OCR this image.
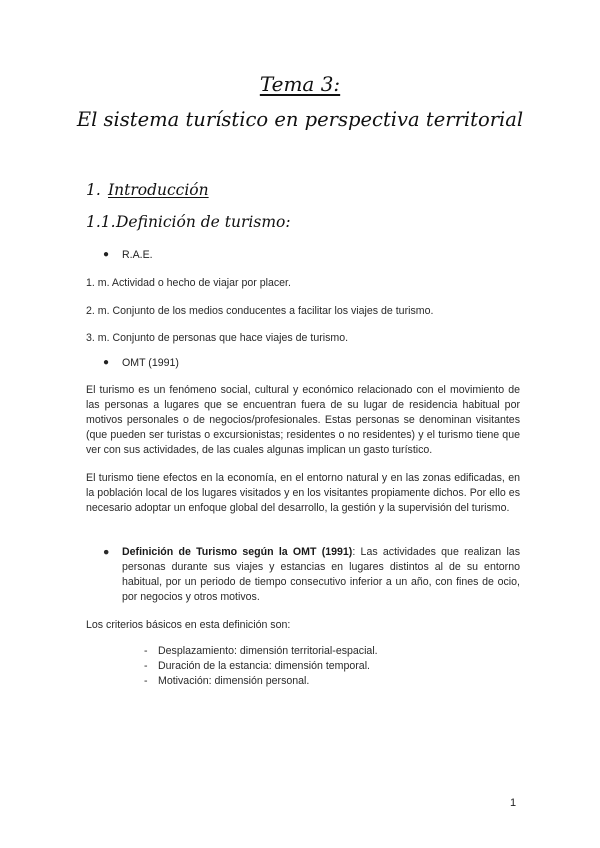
Tema 3:
El sistema turístico en perspectiva territorial
1. Introducción
1.1.Definición de turismo:
● R.A.E.
1. m. Actividad o hecho de viajar por placer.
2. m. Conjunto de los medios conducentes a facilitar los viajes de turismo.
3. m. Conjunto de personas que hace viajes de turismo.
● OMT (1991)
El turismo es un fenómeno social, cultural y económico relacionado con el movimiento de las personas a lugares que se encuentran fuera de su lugar de residencia habitual por motivos personales o de negocios/profesionales. Estas personas se denominan visitantes (que pueden ser turistas o excursionistas; residentes o no residentes) y el turismo tiene que ver con sus actividades, de las cuales algunas implican un gasto turístico.
El turismo tiene efectos en la economía, en el entorno natural y en las zonas edificadas, en la población local de los lugares visitados y en los visitantes propiamente dichos. Por ello es necesario adoptar un enfoque global del desarrollo, la gestión y la supervisión del turismo.
● Definición de Turismo según la OMT (1991): Las actividades que realizan las personas durante sus viajes y estancias en lugares distintos al de su entorno habitual, por un periodo de tiempo consecutivo inferior a un año, con fines de ocio, por negocios y otros motivos.
Los criterios básicos en esta definición son:
- Desplazamiento: dimensión territorial-espacial.
- Duración de la estancia: dimensión temporal.
- Motivación: dimensión personal.
1
